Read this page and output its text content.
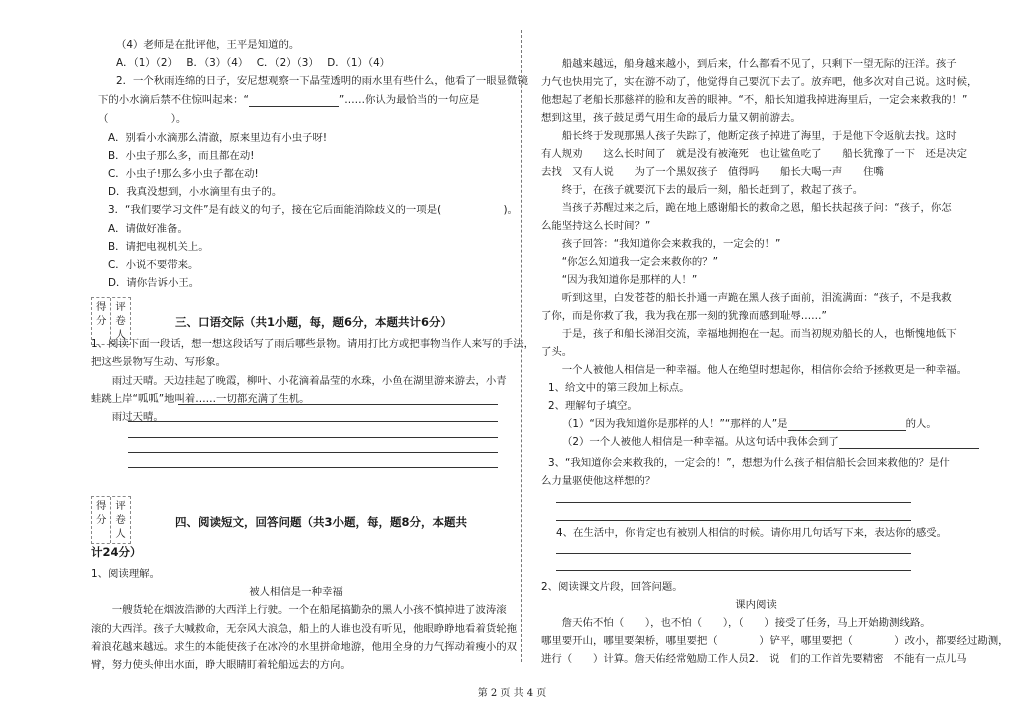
（4）老师是在批评他，王平是知道的。
A．（1）（2）　 B．（3）（4）　 C．（2）（3）　 D．（1）（4）
2．一个秋雨连绵的日子，安尼想观察一下晶莹透明的雨水里有些什么，他看了一眼显微镜
下的小水滴后禁不住惊叫起来：“	”……你认为最恰当的一句应是
（　　　　　　）。
A．别看小水滴那么清澈，原来里边有小虫子呀!
B．小虫子那么多，而且都在动!
C．小虫子!那么多小虫子都在动!
D．我真没想到，小水滴里有虫子的。
3．“我们要学习文件”是有歧义的句子，接在它后面能消除歧义的一项是(　　　　　　)。
A．请做好准备。
B．请把电视机关上。
C．小说不要带来。
D．请你告诉小王。
得分
评卷人
三、口语交际（共1小题，每，题6分，本题共计6分）
1、阅读下面一段话，想一想这段话写了雨后哪些景物。请用打比方或把事物当作人来写的手法，
把这些景物写生动、写形象。
　　雨过天晴。天边挂起了晚霞，柳叶、小花滴着晶莹的水珠，小鱼在湖里游来游去，小青
蛙跳上岸“呱呱”地叫着……一切都充满了生机。
　　雨过天晴。
得分
评卷人
四、阅读短文，回答问题（共3小题，每，题8分，本题共
计24分）
1、阅读理解。
被人相信是一种幸福
　　一艘货轮在烟波浩渺的大西洋上行驶。一个在船尾搞勤杂的黑人小孩不慎掉进了波涛滚
滚的大西洋。孩子大喊救命，无奈风大浪急，船上的人谁也没有听见，他眼睁睁地看着货轮拖
着浪花越来越远。求生的本能使孩子在冰冷的水里拼命地游，他用全身的力气挥动着瘦小的双
臂，努力使头伸出水面，睁大眼睛盯着轮船远去的方向。
　　船越来越远，船身越来越小，到后来，什么都看不见了，只剩下一望无际的汪洋。孩子
力气也快用完了，实在游不动了，他觉得自己要沉下去了。放弃吧，他多次对自己说。这时候，
他想起了老船长那慈祥的脸和友善的眼神。“不，船长知道我掉进海里后，一定会来救我的！”
想到这里，孩子鼓足勇气用生命的最后力量又朝前游去。
　　船长终于发现那黑人孩子失踪了，他断定孩子掉进了海里，于是他下令返航去找。这时
有人规劝　　这么长时间了　就是没有被淹死　也让鲨鱼吃了　　船长犹豫了一下　还是决定
去找　又有人说　　为了一个黑奴孩子　值得吗　　船长大喝一声　　住嘴
　　终于，在孩子就要沉下去的最后一刻，船长赶到了，救起了孩子。
　　当孩子苏醒过来之后，跪在地上感谢船长的救命之恩，船长扶起孩子问：“孩子，你怎
么能坚持这么长时间？”
　　孩子回答：“我知道你会来救我的，一定会的！”
　　“你怎么知道我一定会来救你的？”
　　“因为我知道你是那样的人！”
　　听到这里，白发苍苍的船长扑通一声跪在黑人孩子面前，泪流满面：“孩子，不是我救
了你，而是你救了我，我为我在那一刻的犹豫而感到耻辱……”
　　于是，孩子和船长涕泪交流，幸福地拥抱在一起。而当初规劝船长的人，也惭愧地低下
了头。
　　一个人被他人相信是一种幸福。他人在绝望时想起你，相信你会给予拯救更是一种幸福。
1、给文中的第三段加上标点。
2、理解句子填空。
（1）“因为我知道你是那样的人！”“那样的人”是	的人。
（2）一个人被他人相信是一种幸福。从这句话中我体会到了
3、“我知道你会来救我的，一定会的！”，想想为什么孩子相信船长会回来救他的？是什
么力量驱使他这样想的？
4、在生活中，你肯定也有被别人相信的时候。请你用几句话写下来，表达你的感受。
2、阅读课文片段，回答问题。
课内阅读
　　詹天佑不怕（　　），也不怕（　　），（　　）接受了任务，马上开始勘测线路。
哪里要开山，哪里要架桥，哪里要把（　　　　）铲平，哪里要把（　　　　）改小，都要经过勘测，
进行（　　）计算。詹天佑经常勉励工作人员2.　说　们的工作首先要精密　不能有一点儿马
第 2 页 共 4 页
